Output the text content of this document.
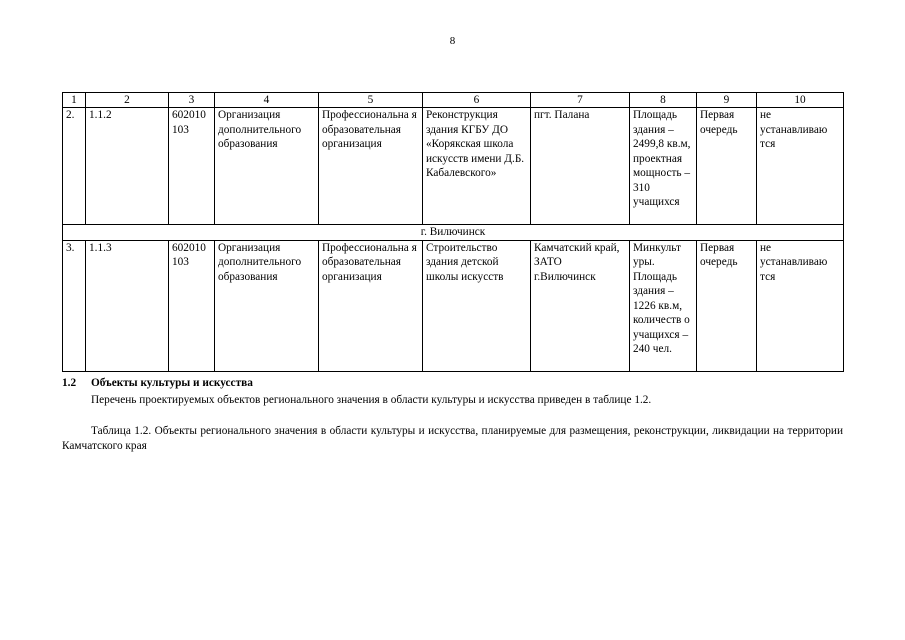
8
1	2	3	4	5	6	7	8	9	10
2.	1.1.2	602010 103	Организация дополнительного образования	Профессиональна я образовательная организация	Реконструкция здания КГБУ ДО «Корякская школа искусств имени Д.Б. Кабалевского»	пгт. Палана	Площадь здания – 2499,8 кв.м, проектная мощность – 310 учащихся	Первая очередь	не устанавливаю тся
г. Вилючинск									
3.	1.1.3	602010 103	Организация дополнительного образования	Профессиональна я образовательная организация	Строительство здания детской школы искусств	Камчатский край, ЗАТО г.Вилючинск	Минкульт уры. Площадь здания – 1226 кв.м, количеств о учащихся – 240 чел.	Первая очередь	не устанавливаю тся
1.2 Объекты культуры и искусства
Перечень проектируемых объектов регионального значения в области культуры и искусства приведен в таблице 1.2.
Таблица 1.2. Объекты регионального значения в области культуры и искусства, планируемые для размещения, реконструкции, ликвидации на территории Камчатского края
